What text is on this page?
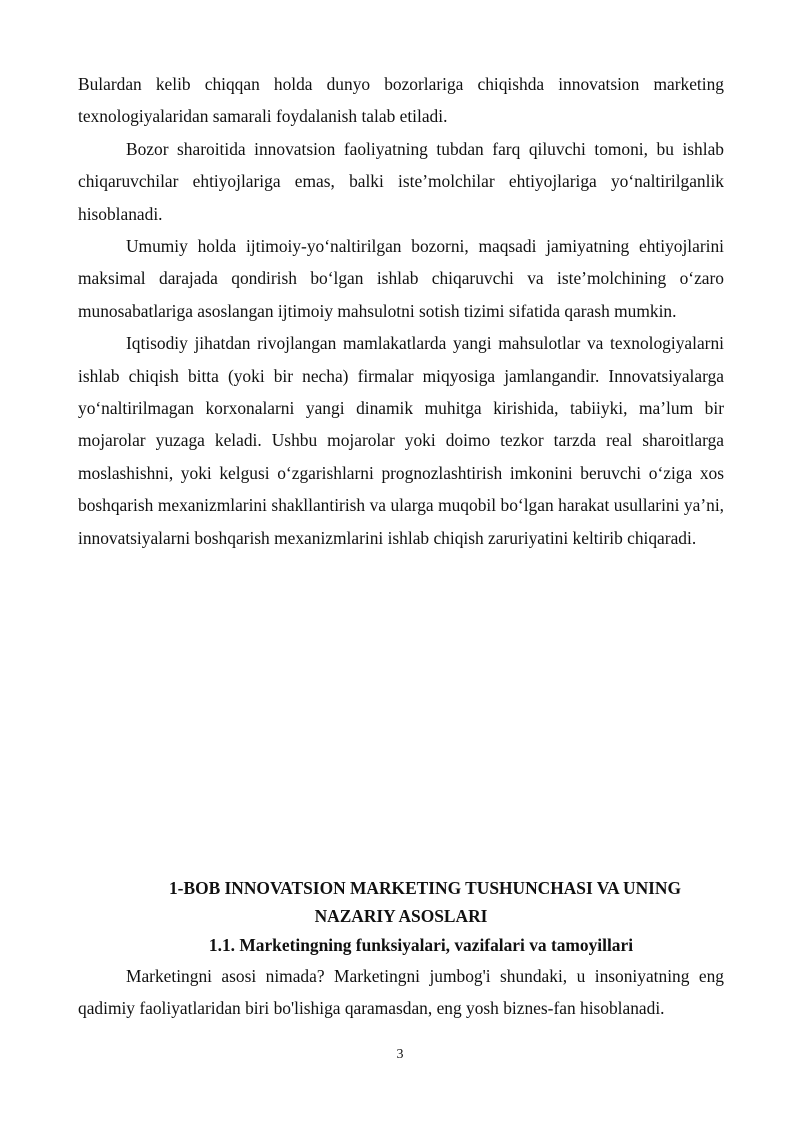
Bulardan kelib chiqqan holda dunyo bozorlariga chiqishda innovatsion marketing texnologiyalaridan samarali foydalanish talab etiladi.

Bozor sharoitida innovatsion faoliyatning tubdan farq qiluvchi tomoni, bu ishlab chiqaruvchilar ehtiyojlariga emas, balki iste’molchilar ehtiyojlariga yo‘naltirilganlik hisoblanadi.

Umumiy holda ijtimoiy-yo‘naltirilgan bozorni, maqsadi jamiyatning ehtiyojlarini maksimal darajada qondirish bo‘lgan ishlab chiqaruvchi va iste’molchining o‘zaro munosabatlariga asoslangan ijtimoiy mahsulotni sotish tizimi sifatida qarash mumkin.

Iqtisodiy jihatdan rivojlangan mamlakatlarda yangi mahsulotlar va texnologiyalarni ishlab chiqish bitta (yoki bir necha) firmalar miqyosiga jamlangandir. Innovatsiyalarga yo‘naltirilmagan korxonalarni yangi dinamik muhitga kirishida, tabiiyki, ma’lum bir mojarolar yuzaga keladi. Ushbu mojarolar yoki doimo tezkor tarzda real sharoitlarga moslashishni, yoki kelgusi o‘zgarishlarni prognozlashtirish imkonini beruvchi o‘ziga xos boshqarish mexanizmlarini shakllantirish va ularga muqobil bo‘lgan harakat usullarini ya’ni, innovatsiyalarni boshqarish mexanizmlarini ishlab chiqish zaruriyatini keltirib chiqaradi.

1-BOB INNOVATSION MARKETING TUSHUNCHASI VA UNING
NAZARIY ASOSLARI
1.1. Marketingning funksiyalari, vazifalari va tamoyillari

Marketingni asosi nimada? Marketingni jumbog'i shundaki, u insoniyatning eng qadimiy faoliyatlaridan biri bo'lishiga qaramasdan, eng yosh biznes-fan hisoblanadi.

3
